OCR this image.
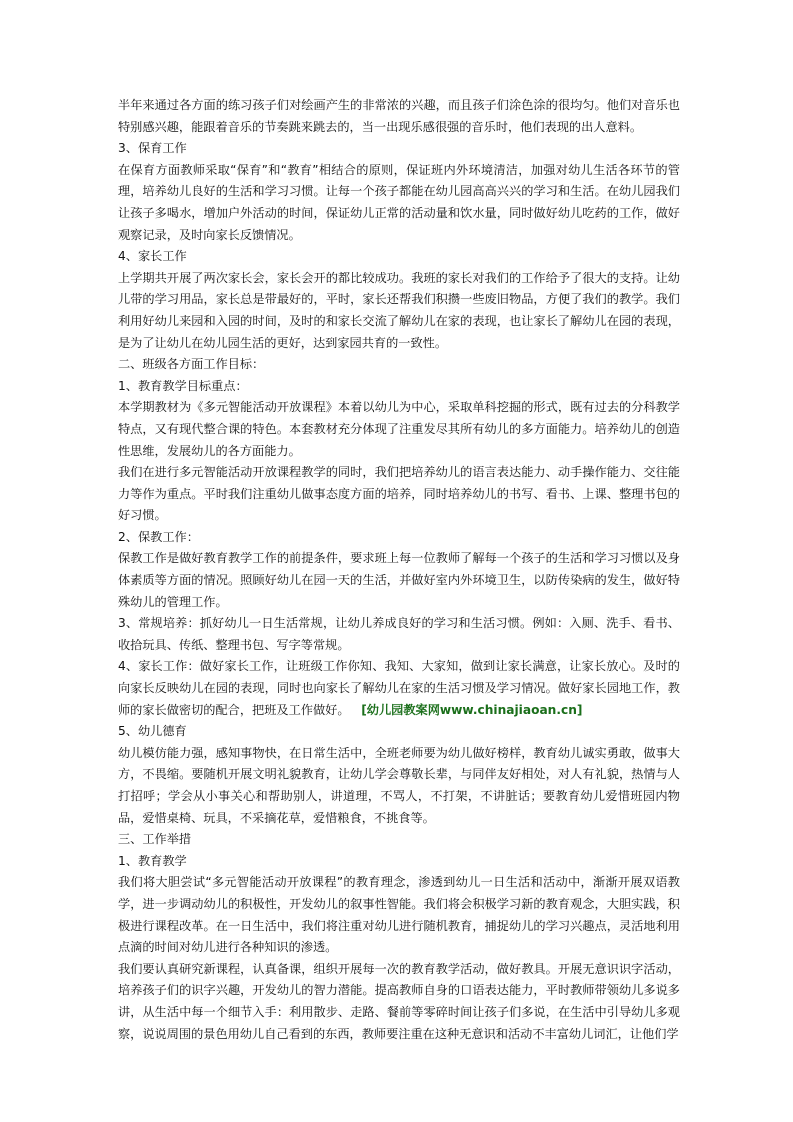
半年来通过各方面的练习孩子们对绘画产生的非常浓的兴趣，而且孩子们涂色涂的很均匀。他们对音乐也特别感兴趣，能跟着音乐的节奏跳来跳去的，当一出现乐感很强的音乐时，他们表现的出人意料。

3、保育工作

在保育方面教师采取“保育”和“教育”相结合的原则，保证班内外环境清洁，加强对幼儿生活各环节的管理，培养幼儿良好的生活和学习习惯。让每一个孩子都能在幼儿园高高兴兴的学习和生活。在幼儿园我们让孩子多喝水，增加户外活动的时间，保证幼儿正常的活动量和饮水量，同时做好幼儿吃药的工作，做好观察记录，及时向家长反馈情况。

4、家长工作

上学期共开展了两次家长会，家长会开的都比较成功。我班的家长对我们的工作给予了很大的支持。让幼儿带的学习用品，家长总是带最好的，平时，家长还帮我们积攒一些废旧物品，方便了我们的教学。我们利用好幼儿来园和入园的时间，及时的和家长交流了解幼儿在家的表现，也让家长了解幼儿在园的表现，是为了让幼儿在幼儿园生活的更好，达到家园共育的一致性。

二、班级各方面工作目标：

1、教育教学目标重点：

本学期教材为《多元智能活动开放课程》本着以幼儿为中心，采取单科挖掘的形式，既有过去的分科教学特点，又有现代整合课的特色。本套教材充分体现了注重发尽其所有幼儿的多方面能力。培养幼儿的创造性思维，发展幼儿的各方面能力。

我们在进行多元智能活动开放课程教学的同时，我们把培养幼儿的语言表达能力、动手操作能力、交往能力等作为重点。平时我们注重幼儿做事态度方面的培养，同时培养幼儿的书写、看书、上课、整理书包的好习惯。

2、保教工作：

保教工作是做好教育教学工作的前提条件，要求班上每一位教师了解每一个孩子的生活和学习习惯以及身体素质等方面的情况。照顾好幼儿在园一天的生活，并做好室内外环境卫生，以防传染病的发生，做好特殊幼儿的管理工作。

3、常规培养：抓好幼儿一日生活常规，让幼儿养成良好的学习和生活习惯。例如：入厕、洗手、看书、收拾玩具、传纸、整理书包、写字等常规。

4、家长工作：做好家长工作，让班级工作你知、我知、大家知，做到让家长满意，让家长放心。及时的向家长反映幼儿在园的表现，同时也向家长了解幼儿在家的生活习惯及学习情况。做好家长园地工作，教师的家长做密切的配合，把班及工作做好。 [幼儿园教案网www.chinajiaoan.cn]

5、幼儿德育

幼儿模仿能力强，感知事物快，在日常生活中，全班老师要为幼儿做好榜样，教育幼儿诚实勇敢，做事大方，不畏缩。要随机开展文明礼貌教育，让幼儿学会尊敬长辈，与同伴友好相处，对人有礼貌，热情与人打招呼；学会从小事关心和帮助别人，讲道理，不骂人，不打架，不讲脏话；要教育幼儿爱惜班园内物品，爱惜桌椅、玩具，不采摘花草，爱惜粮食，不挑食等。

三、工作举措

1、教育教学

我们将大胆尝试“多元智能活动开放课程”的教育理念，渗透到幼儿一日生活和活动中，渐渐开展双语教学，进一步调动幼儿的积极性，开发幼儿的叙事性智能。我们将会积极学习新的教育观念，大胆实践，积极进行课程改革。在一日生活中，我们将注重对幼儿进行随机教育，捕捉幼儿的学习兴趣点，灵活地利用点滴的时间对幼儿进行各种知识的渗透。

我们要认真研究新课程，认真备课，组织开展每一次的教育教学活动，做好教具。开展无意识识字活动，培养孩子们的识字兴趣，开发幼儿的智力潜能。提高教师自身的口语表达能力，平时教师带领幼儿多说多讲，从生活中每一个细节入手：利用散步、走路、餐前等零碎时间让孩子们多说，在生活中引导幼儿多观察，说说周围的景色用幼儿自己看到的东西，教师要注重在这种无意识和活动不丰富幼儿词汇，让他们学
